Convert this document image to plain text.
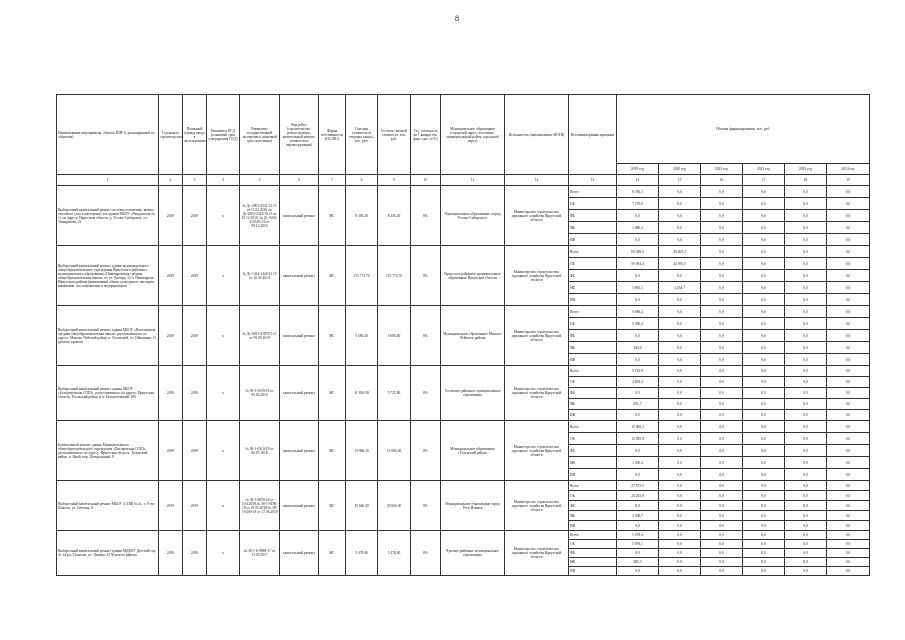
8
Наименование мероприятия, объекта ПИР (с расшифровкой по объектам)	Год начала строительства	Плановый период ввода в эксплуатацию	Реквизиты ПСД (плановый срок утверждения ПСД)	Реквизиты государственной экспертизы (плановый срок получения)	Вид работ (строительство, реконструкция, капитальный ремонт, техническое перевооружение)	Форма собственности (ОС/МС)	Сметная стоимость (в текущих ценах), тыс. руб.	Остаток сметной стоимости, тыс. руб.	Тех. готовность на 1 января тек. фин. года, (в %)	Муниципальное образование (городской округ, поселение, муниципальный район, городской округ)	Исполнитель (наименование ИОГВ)	Источники финансирования	Объемы финансирования, тыс. руб.					
													2019 год	2020 год	2021 год	2022 год	2023 год	2024 год
1	2	3	4	5	6	7	8	9	10	11	12	13	14	15	16	17	18	19
Выборочный капитальный ремонт системы отопления, замена теплового узла в мастерских и в здании МБОУ «Уяндинская № 1» по адресу: Иркутская область, р. Усолье-Сибирское, ул. Тимирязева, 21	2019	2019	х	№ Дс-2901-2541/12.15 от 11.02.2016 ,№ Дс-2902-2542/16.15 от 18.12.2018 ,№ Дс-9202-1103/05.16 от 09.12.2016	капитальный ремонт	МС	8 356,30	8 356,30	0%	Муниципальное образование «город Усолье-Сибирское»	Министерство строительства, дорожного хозяйства Иркутской области	Всего	8 356,3	0,0	0,0	0,0	0,0	0,0
												ОБ	7 270,0	0,0	0,0	0,0	0,0	0,0
												ФБ	0,0	0,0	0,0	0,0	0,0	0,0
												МБ	1 086,3	0,0	0,0	0,0	0,0	0,0
												ИИ	0,0	0,0	0,0	0,0	0,0	0,0
Выборочный капитальный ремонт здания муниципального общеобразовательного учреждения Иркутского районного муниципального образования «Пивоваровская средняя общеобразовательная школа» по ул. Днепра, 15 п. Пивоварова Иркутского района (выявленный объект культурного наследия, выявление, восстановление и модернизация)	2019	2019	х	№ Дс-1424-1424/11.15 от 16.04.2014	капитальный ремонт	МС	115 774,70	115 774,70	0%	Иркутское районное муниципальное образование Иркутской области	Министерство строительства, дорожного хозяйства Иркутской области	Всего	65 369,5	49 405,2	0,0	0,0	0,0	0,0
												ОБ	59 504,4	44 950,5	0,0	0,0	0,0	0,0
												ФБ	0,0	0,0	0,0	0,0	0,0	0,0
												МБ	5 865,1	4 454,7	0,0	0,0	0,0	0,0
												ИИ	0,0	0,0	0,0	0,0	0,0	0,0
Выборочный капитальный ремонт здания МБОУ «Наталинская средняя общеобразовательная школа» расположенного по адресу: Мамско-Чуйский район, п. Луговский, ул. Школьная, 13 (ремонт кровли)	2019	2019	х	№ Дс-0281-0287/01.13 от 09.09.2019	капитальный ремонт	МС	5 680,40	5 680,40	0%	Муниципальное образование Мамско-Чуйского района	Министерство строительства, дорожного хозяйства Иркутской области	Всего	5 680,4	0,0	0,0	0,0	0,0	0,0
												ОБ	5 396,4	0,0	0,0	0,0	0,0	0,0
												ФБ	0,0	0,0	0,0	0,0	0,0	0,0
												МБ	284,0	0,0	0,0	0,0	0,0	0,0
												ИИ	0,0	0,0	0,0	0,0	0,0	0,0
Выборочный капитальный ремонт здания МБОУ «Белореченская СОШ», расположенного по адресу: Иркутская область, Усольский район, р.п. Белореченский, 106	2019	2019	х	№ 38-1-0339-18 от 05.04.2018	капитальный ремонт	МС	11 836,90	5 725,90	0%	Усольское районное муниципальное образование	Министерство строительства, дорожного хозяйства Иркутской области	Всего	5 725,9	0,0	0,0	0,0	0,0	0,0
												ОБ	4 894,2	0,0	0,0	0,0	0,0	0,0
												ФБ	0,0	0,0	0,0	0,0	0,0	0,0
												МБ	831,7	0,0	0,0	0,0	0,0	0,0
												ИИ	0,0	0,0	0,0	0,0	0,0	0,0
Капитальный ремонт здания Муниципального общеобразовательного учреждения «Писаревская СОШ», расположенного по адресу: Иркутская область, Тулунский район, п. Иней, пер. Центральный, 9	2019	2019	х	№ 38-1-0310-18 от 06.07.2018	капитальный ремонт	МС	15 006,30	15 006,30	0%	Муниципальное образование «Тулунский район»	Министерство строительства, дорожного хозяйства Иркутской области	Всего	15 006,3	0,0	0,0	0,0	0,0	0,0
												ОБ	13 955,9	0,0	0,0	0,0	0,0	0,0
												ФБ	0,0	0,0	0,0	0,0	0,0	0,0
												МБ	1 050,4	0,0	0,0	0,0	0,0	0,0
												ИИ	0,0	0,0	0,0	0,0	0,0	0,0
Выборочный капитальный ремонт МБОУ «СОШ № 2», г. Усть-Илимск, ул. Светлая, 8	2019	2019	х	№ 38-1-0050-18 от 5.03.2018,№ 38-1-0180-18 от 29.05.2018,№ 38-1-0400-18 от 27.06.2018	капитальный ремонт	МС	29 666,30	29 666,30	0%	Муниципальное образование город Усть-Илимск	Министерство строительства, дорожного хозяйства Иркутской области	Всего	27 572,5	0,0	0,0	0,0	0,0	0,0
												ОБ	24 263,8	0,0	0,0	0,0	0,0	0,0
												ФБ	0,0	0,0	0,0	0,0	0,0	0,0
												МБ	3 308,7	0,0	0,0	0,0	0,0	0,0
												ИИ	0,0	0,0	0,0	0,0	0,0	0,0
Выборочный капитальный ремонт здания МДКОУ Детский сад № 14 р.п. Полотне, ул. Ленина, 23 Чунского района	2019	2019	х	№ 38-1-6-0098-17 от 13.09.2017	капитальный ремонт	МС	5 478,40	5 478,40	0%	Чунское районное муниципальное образование	Министерство строительства, дорожного хозяйства Иркутской области	Всего	5 478,4	0,0	0,0	0,0	0,0	0,0
												ОБ	5 093,1	0,0	0,0	0,0	0,0	0,0
												ФБ	0,0	0,0	0,0	0,0	0,0	0,0
												МБ	385,3	0,0	0,0	0,0	0,0	0,0
												ИИ	0,0	0,0	0,0	0,0	0,0	0,0
